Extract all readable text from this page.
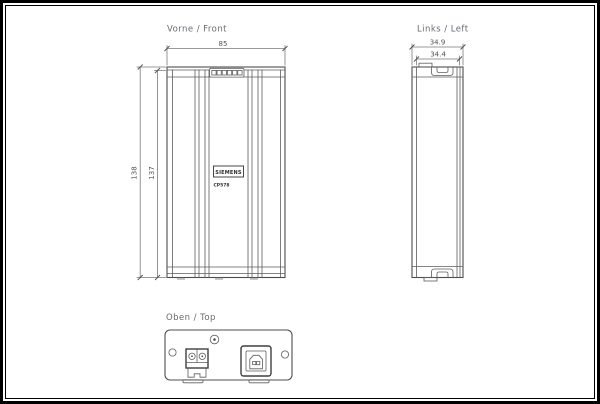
Vorne / Front
85
138 137	SIEMENS
CP578
Links / Left
34.9
34.4
Oben / Top
